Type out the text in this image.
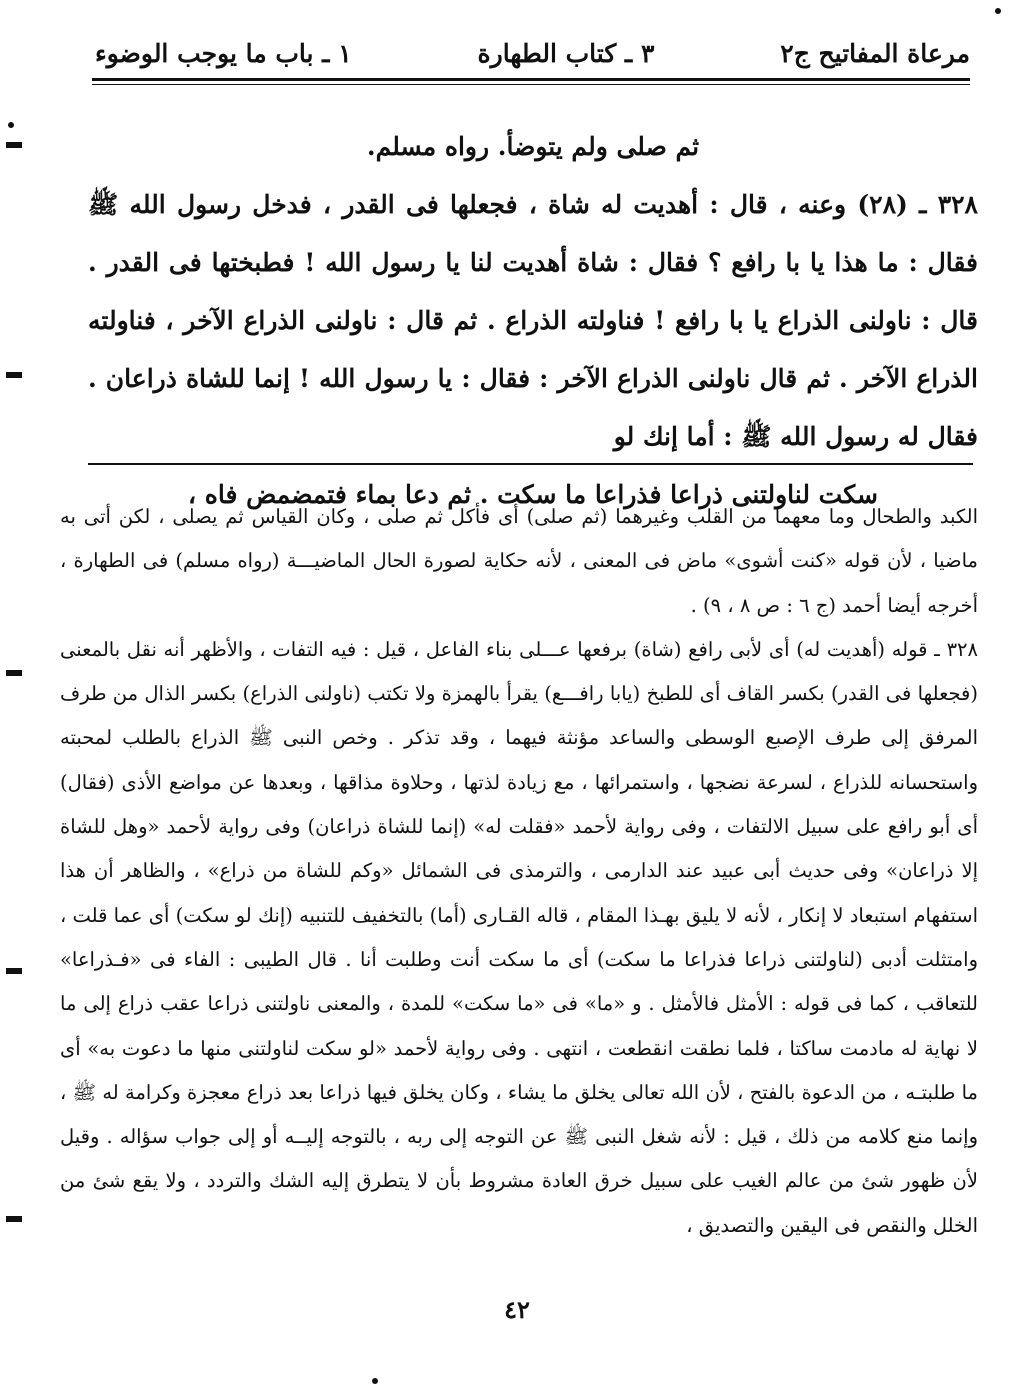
مرعاة المفاتيح ج٢
٣ ـ كتاب الطهارة
١ ـ باب ما يوجب الوضوء

ثم صلى ولم يتوضأ. رواه مسلم.

٣٢٨ ـ (٢٨) وعنه ، قال : أهديت له شاة ، فجعلها فى القدر ، فدخل رسول الله ﷺ فقال : ما هذا يا با رافع ؟ فقال : شاة أهديت لنا يا رسول الله ! فطبختها فى القدر . قال : ناولنى الذراع يا با رافع ! فناولته الذراع . ثم قال : ناولنى الذراع الآخر ، فناولته الذراع الآخر . ثم قال ناولنى الذراع الآخر : فقال : يا رسول الله ! إنما للشاة ذراعان . فقال له رسول الله ﷺ : أما إنك لو

سكت لناولتنى ذراعا فذراعا ما سكت . ثم دعا بماء فتمضمض فاه ،

الكبد والطحال وما معهما من القلب وغيرهما (ثم صلى) أى فأكل ثم صلى ، وكان القياس ثم يصلى ، لكن أتى به ماضيا ، لأن قوله «كنت أشوى» ماض فى المعنى ، لأنه حكاية لصورة الحال الماضيـــة (رواه مسلم) فى الطهارة ، أخرجه أيضا أحمد (ج ٦ : ص ٨ ، ٩) .

٣٢٨ ـ قوله (أهديت له) أى لأبى رافع (شاة) برفعها عـــلى بناء الفاعل ، قيل : فيه التفات ، والأظهر أنه نقل بالمعنى (فجعلها فى القدر) بكسر القاف أى للطبخ (يابا رافـــع) يقرأ بالهمزة ولا تكتب (ناولنى الذراع) بكسر الذال من طرف المرفق إلى طرف الإصبع الوسطى والساعد مؤنثة فيهما ، وقد تذكر . وخص النبى ﷺ الذراع بالطلب لمحبته واستحسانه للذراع ، لسرعة نضجها ، واستمرائها ، مع زيادة لذتها ، وحلاوة مذاقها ، وبعدها عن مواضع الأذى (فقال) أى أبو رافع على سبيل الالتفات ، وفى رواية لأحمد «فقلت له» (إنما للشاة ذراعان) وفى رواية لأحمد «وهل للشاة إلا ذراعان» وفى حديث أبى عبيد عند الدارمى ، والترمذى فى الشمائل «وكم للشاة من ذراع» ، والظاهر أن هذا استفهام استبعاد لا إنكار ، لأنه لا يليق بهـذا المقام ، قاله القـارى (أما) بالتخفيف للتنبيه (إنك لو سكت) أى عما قلت ، وامتثلت أدبى (لناولتنى ذراعا فذراعا ما سكت) أى ما سكت أنت وطلبت أنا . قال الطيبى : الفاء فى «فـذراعا» للتعاقب ، كما فى قوله : الأمثل فالأمثل . و «ما» فى «ما سكت» للمدة ، والمعنى ناولتنى ذراعا عقب ذراع إلى ما لا نهاية له مادمت ساكتا ، فلما نطقت انقطعت ، انتهى . وفى رواية لأحمد «لو سكت لناولتنى منها ما دعوت به» أى ما طلبتـه ، من الدعوة بالفتح ، لأن الله تعالى يخلق ما يشاء ، وكان يخلق فيها ذراعا بعد ذراع معجزة وكرامة له ﷺ ، وإنما منع كلامه من ذلك ، قيل : لأنه شغل النبى ﷺ عن التوجه إلى ربه ، بالتوجه إليــه أو إلى جواب سؤاله . وقيل لأن ظهور شئ من عالم الغيب على سبيل خرق العادة مشروط بأن لا يتطرق إليه الشك والتردد ، ولا يقع شئ من الخلل والنقص فى اليقين والتصديق ،

٤٢
